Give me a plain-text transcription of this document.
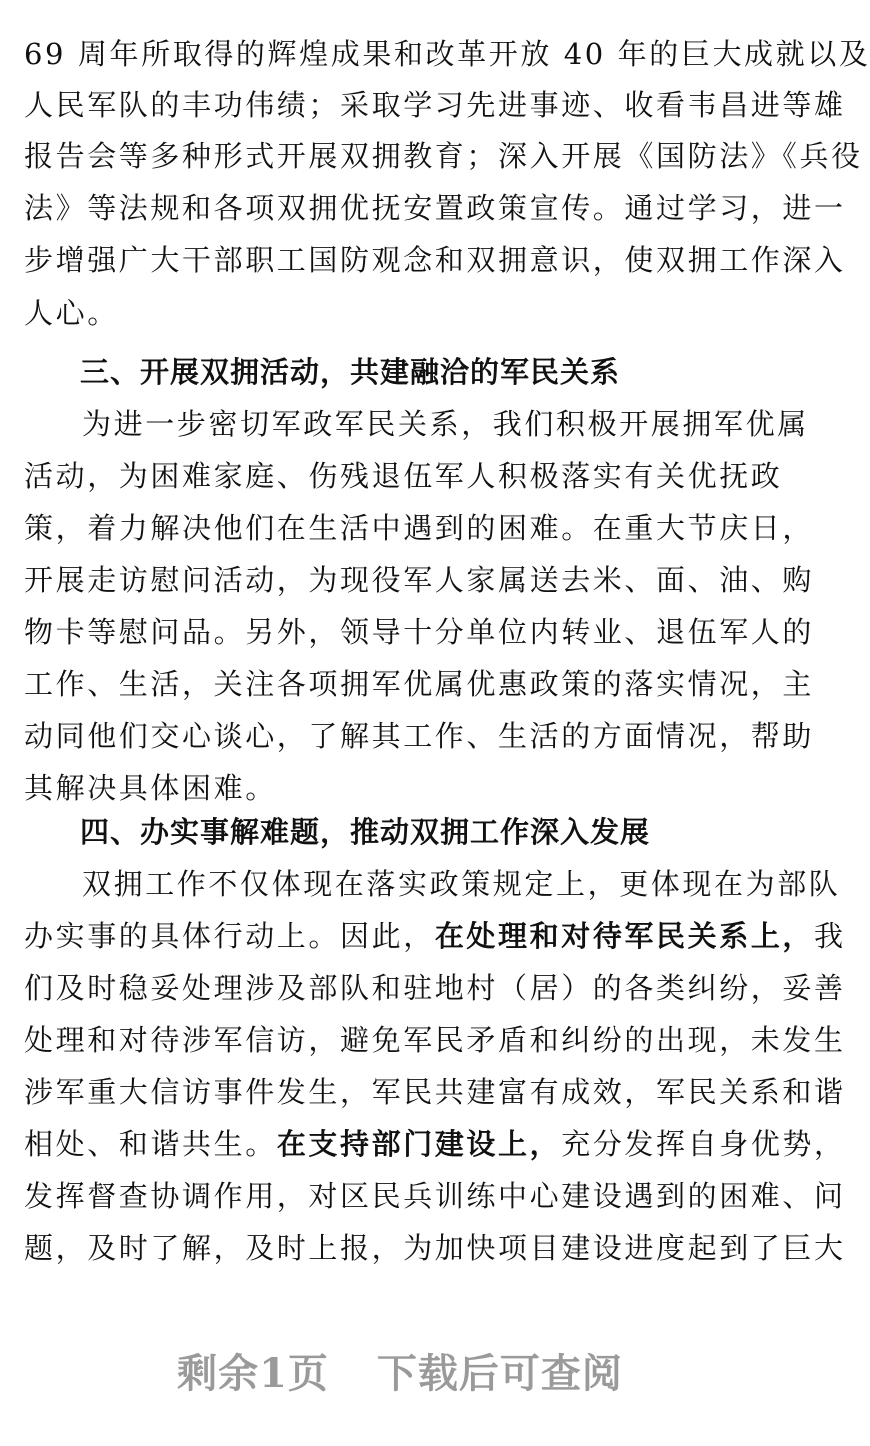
69 周年所取得的辉煌成果和改革开放 40 年的巨大成就以及
人民军队的丰功伟绩；采取学习先进事迹、收看韦昌进等雄
报告会等多种形式开展双拥教育；深入开展《国防法》《兵役
法》等法规和各项双拥优抚安置政策宣传。通过学习，进一
步增强广大干部职工国防观念和双拥意识，使双拥工作深入
人心。
三、开展双拥活动，共建融洽的军民关系
为进一步密切军政军民关系，我们积极开展拥军优属
活动，为困难家庭、伤残退伍军人积极落实有关优抚政
策，着力解决他们在生活中遇到的困难。在重大节庆日，
开展走访慰问活动，为现役军人家属送去米、面、油、购
物卡等慰问品。另外，领导十分单位内转业、退伍军人的
工作、生活，关注各项拥军优属优惠政策的落实情况，主
动同他们交心谈心，了解其工作、生活的方面情况，帮助
其解决具体困难。
四、办实事解难题，推动双拥工作深入发展
双拥工作不仅体现在落实政策规定上，更体现在为部队
办实事的具体行动上。因此，在处理和对待军民关系上，我
们及时稳妥处理涉及部队和驻地村（居）的各类纠纷，妥善
处理和对待涉军信访，避免军民矛盾和纠纷的出现，未发生
涉军重大信访事件发生，军民共建富有成效，军民关系和谐
相处、和谐共生。在支持部门建设上，充分发挥自身优势，
发挥督查协调作用，对区民兵训练中心建设遇到的困难、问
题，及时了解，及时上报，为加快项目建设进度起到了巨大
剩余1页 下载后可查阅
